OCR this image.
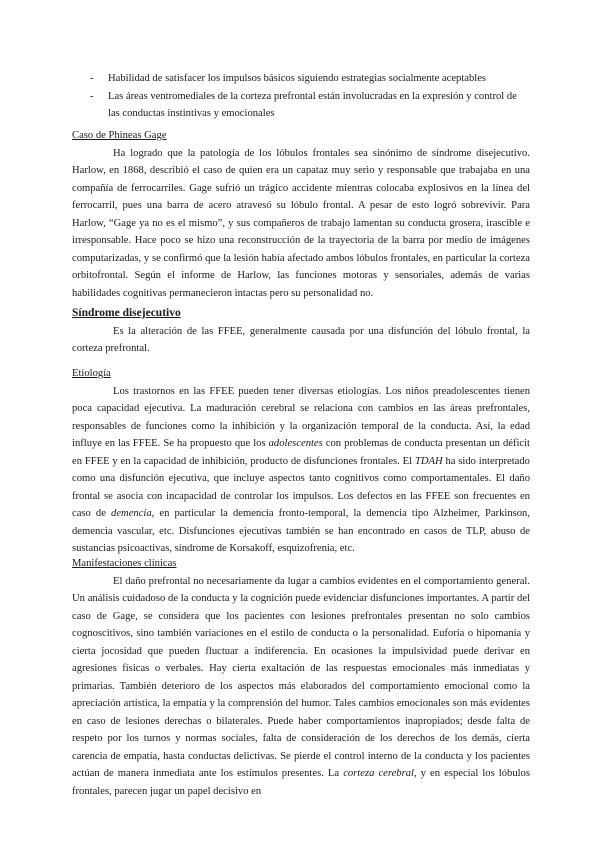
- Habilidad de satisfacer los impulsos básicos siguiendo estrategias socialmente aceptables
- Las áreas ventromediales de la corteza prefrontal están involucradas en la expresión y control de las conductas instintivas y emocionales
Caso de Phineas Gage

Ha logrado que la patología de los lóbulos frontales sea sinónimo de síndrome disejecutivo. Harlow, en 1868, describió el caso de quien era un capataz muy serio y responsable que trabajaba en una compañía de ferrocarriles. Gage sufrió un trágico accidente mientras colocaba explosivos en la línea del ferrocarril, pues una barra de acero atravesó su lóbulo frontal. A pesar de esto logró sobrevivir. Para Harlow, “Gage ya no es el mismo”, y sus compañeros de trabajo lamentan su conducta grosera, irascible e irresponsable. Hace poco se hizo una reconstrucción de la trayectoria de la barra por medio de imágenes computarizadas, y se confirmó que la lesión había afectado ambos lóbulos frontales, en particular la corteza orbitofrontal. Según el informe de Harlow, las funciones motoras y sensoriales, además de varias habilidades cognitivas permanecieron intactas pero su personalidad no.

Síndrome disejecutivo

Es la alteración de las FFEE, generalmente causada por una disfunción del lóbulo frontal, la corteza prefrontal.

Etiología

Los trastornos en las FFEE pueden tener diversas etiologías. Los niños preadolescentes tienen poca capacidad ejecutiva. La maduración cerebral se relaciona con cambios en las áreas prefrontales, responsables de funciones como la inhibición y la organización temporal de la conducta. Así, la edad influye en las FFEE. Se ha propuesto que los adolescentes con problemas de conducta presentan un déficit en FFEE y en la capacidad de inhibición, producto de disfunciones frontales. El TDAH ha sido interpretado como una disfunción ejecutiva, que incluye aspectos tanto cognitivos como comportamentales. El daño frontal se asocia con incapacidad de controlar los impulsos. Los defectos en las FFEE son frecuentes en caso de demencia, en particular la demencia fronto-temporal, la demencia tipo Alzheimer, Parkinson, demencia vascular, etc. Disfunciones ejecutivas también se han encontrado en casos de TLP, abuso de sustancias psicoactivas, síndrome de Korsakoff, esquizofrenia, etc.

Manifestaciones clínicas

El daño prefrontal no necesariamente da lugar a cambios evidentes en el comportamiento general. Un análisis cuidadoso de la conducta y la cognición puede evidenciar disfunciones importantes. A partir del caso de Gage, se considera que los pacientes con lesiones prefrontales presentan no solo cambios cognoscitivos, sino también variaciones en el estilo de conducta o la personalidad. Euforia o hipomanía y cierta jocosidad que pueden fluctuar a indiferencia. En ocasiones la impulsividad puede derivar en agresiones físicas o verbales. Hay cierta exaltación de las respuestas emocionales más inmediatas y primarias. También deterioro de los aspectos más elaborados del comportamiento emocional como la apreciación artística, la empatía y la comprensión del humor. Tales cambios emocionales son más evidentes en caso de lesiones derechas o bilaterales. Puede haber comportamientos inapropiados; desde falta de respeto por los turnos y normas sociales, falta de consideración de los derechos de los demás, cierta carencia de empatía, hasta conductas delictivas. Se pierde el control interno de la conducta y los pacientes actúan de manera inmediata ante los estímulos presentes. La corteza cerebral, y en especial los lóbulos frontales, parecen jugar un papel decisivo en
